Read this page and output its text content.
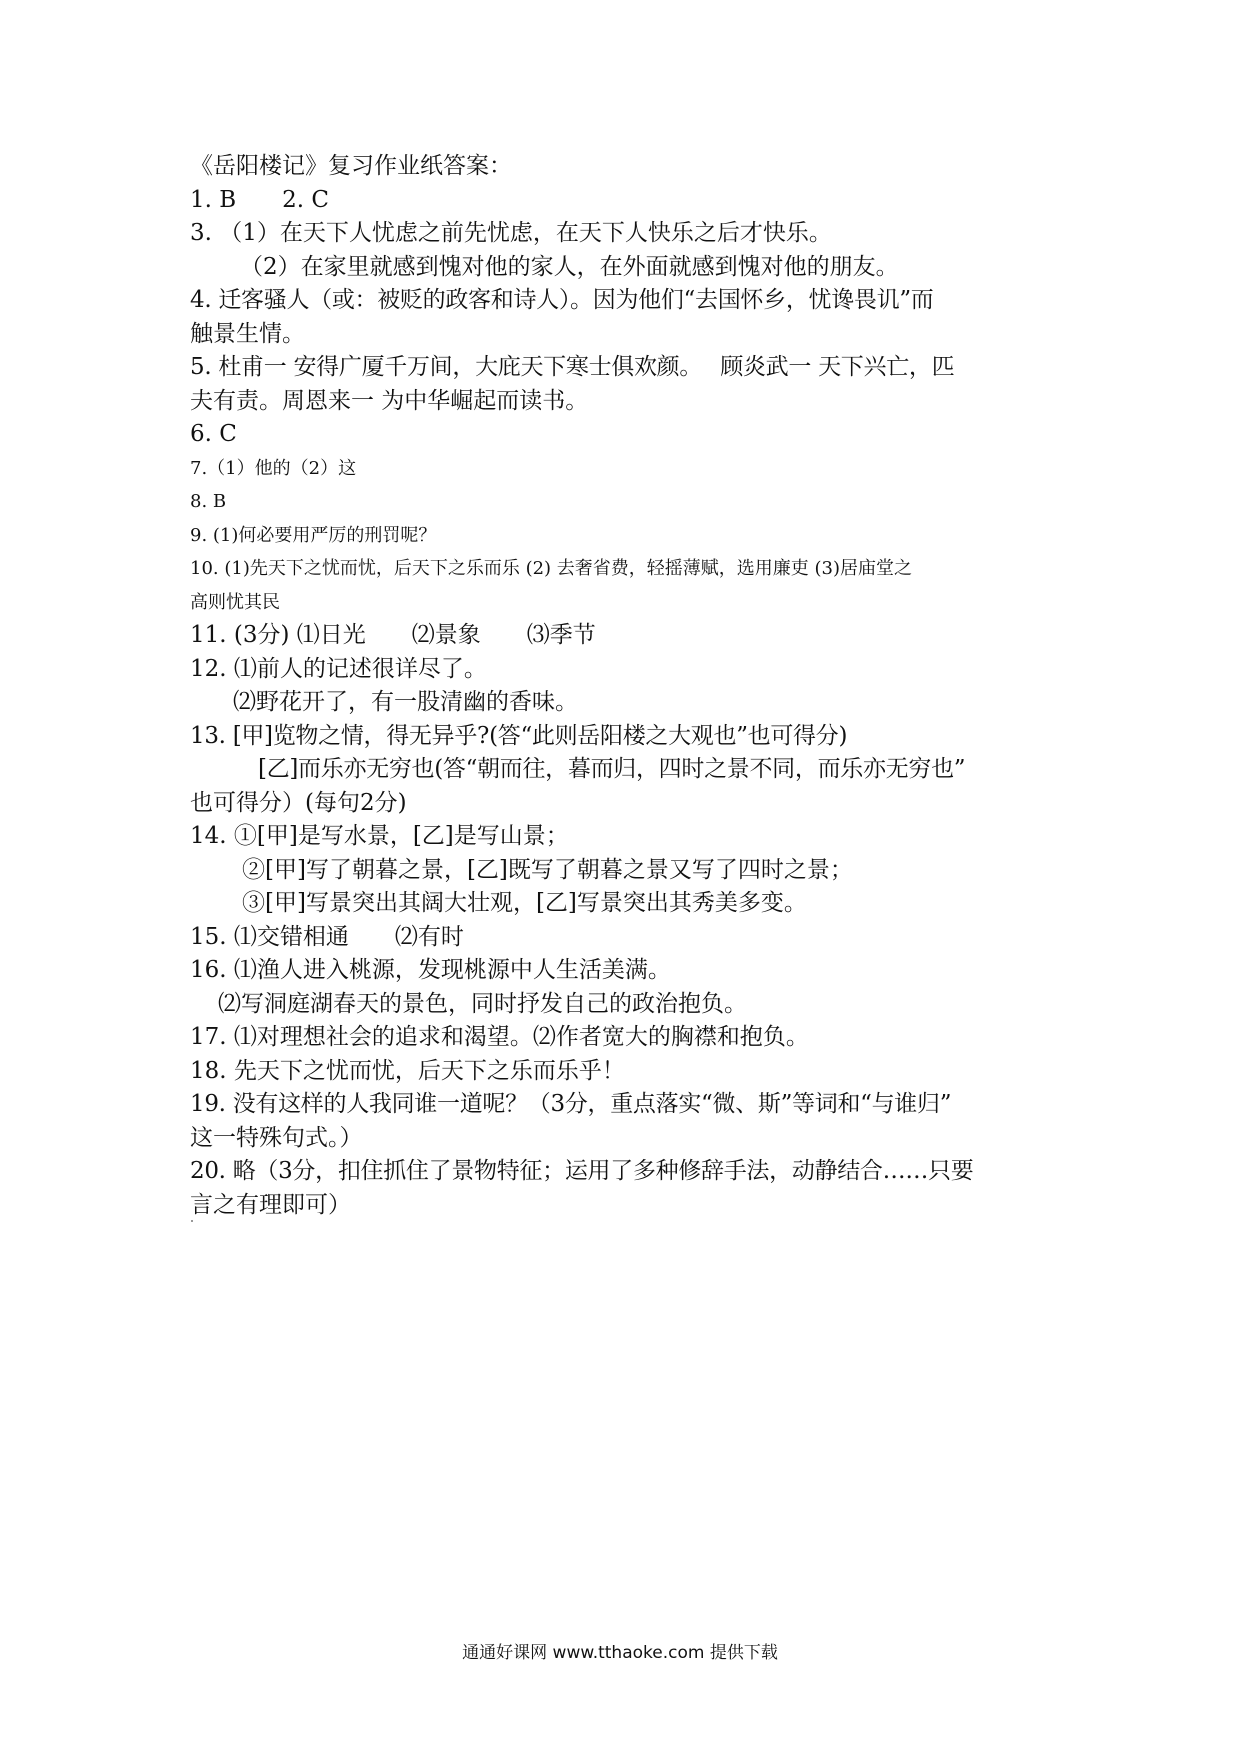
《岳阳楼记》复习作业纸答案：
1. B　　2. C
3. （1）在天下人忧虑之前先忧虑，在天下人快乐之后才快乐。
（2）在家里就感到愧对他的家人，在外面就感到愧对他的朋友。
4. 迁客骚人（或：被贬的政客和诗人）。因为他们“去国怀乡，忧谗畏讥”而
触景生情。
5. 杜甫一 安得广厦千万间，大庇天下寒士俱欢颜。　 顾炎武一 天下兴亡，匹
夫有责。周恩来一 为中华崛起而读书。
6. C
7.（1）他的（2）这
8. B
9. (1)何必要用严厉的刑罚呢？
10. (1)先天下之忧而忧，后天下之乐而乐 (2) 去奢省费，轻摇薄赋，选用廉吏 (3)居庙堂之
高则忧其民
11. (3分) ⑴日光　　⑵景象　　⑶季节
12. ⑴前人的记述很详尽了。
⑵野花开了，有一股清幽的香味。
13. [甲]览物之情，得无异乎?(答“此则岳阳楼之大观也”也可得分)
[乙]而乐亦无穷也(答“朝而往，暮而归，四时之景不同，而乐亦无穷也”
也可得分）(每句2分)
14. ①[甲]是写水景，[乙]是写山景；
②[甲]写了朝暮之景，[乙]既写了朝暮之景又写了四时之景；
③[甲]写景突出其阔大壮观，[乙]写景突出其秀美多变。
15. ⑴交错相通　　⑵有时
16. ⑴渔人进入桃源，发现桃源中人生活美满。
⑵写洞庭湖春天的景色，同时抒发自己的政治抱负。
17. ⑴对理想社会的追求和渴望。⑵作者宽大的胸襟和抱负。
18. 先天下之忧而忧，后天下之乐而乐乎！
19. 没有这样的人我同谁一道呢？（3分，重点落实“微、斯”等词和“与谁归”
这一特殊句式。）
20. 略（3分，扣住抓住了景物特征；运用了多种修辞手法，动静结合……只要
言之有理即可）
通通好课网 www.tthaoke.com 提供下载
